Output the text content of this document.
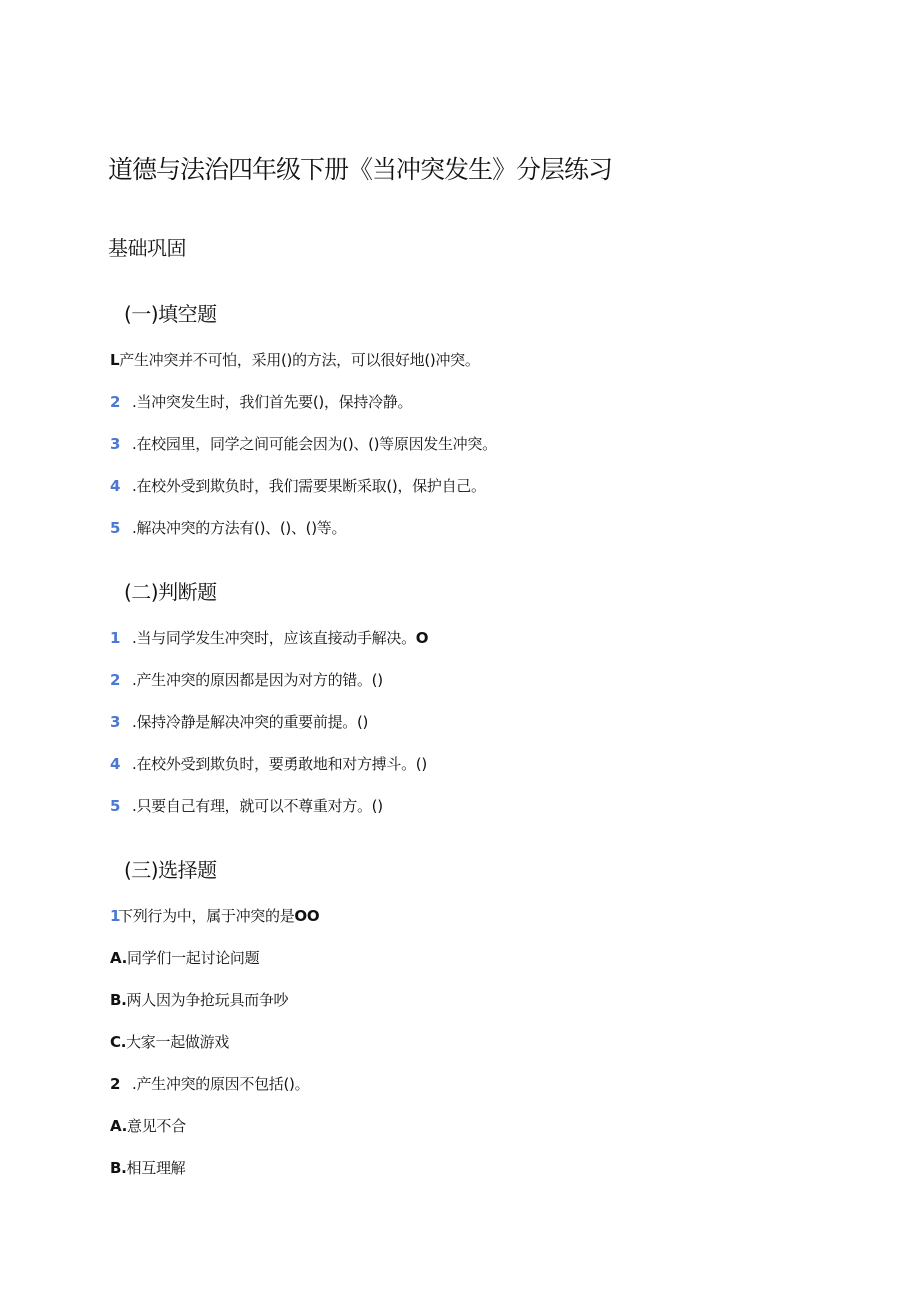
道德与法治四年级下册《当冲突发生》分层练习
基础巩固
(一)填空题
L产生冲突并不可怕，采用()的方法，可以很好地()冲突。
2 .当冲突发生时，我们首先要()，保持冷静。
3 .在校园里，同学之间可能会因为()、()等原因发生冲突。
4 .在校外受到欺负时，我们需要果断采取()，保护自己。
5 .解决冲突的方法有()、()、()等。
(二)判断题
1 .当与同学发生冲突时，应该直接动手解决。O
2 .产生冲突的原因都是因为对方的错。()
3 .保持冷静是解决冲突的重要前提。()
4 .在校外受到欺负时，要勇敢地和对方搏斗。()
5 .只要自己有理，就可以不尊重对方。()
(三)选择题
1下列行为中，属于冲突的是OO
A.同学们一起讨论问题
B.两人因为争抢玩具而争吵
C.大家一起做游戏
2 .产生冲突的原因不包括()。
A.意见不合
B.相互理解
